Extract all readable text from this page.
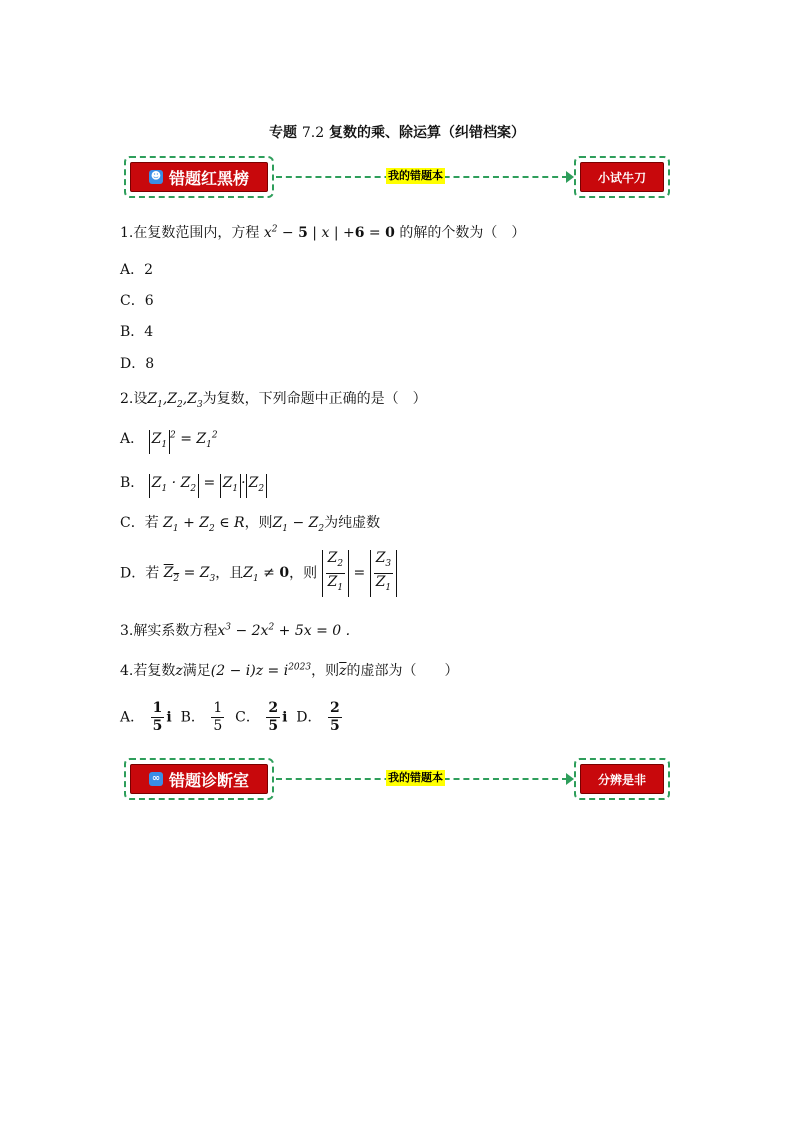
专题 7.2 复数的乘、除运算（纠错档案）
☻ 错题红黑榜	我的错题本	小试牛刀
1.在复数范围内，方程 $x^2 - 5$ | x | +6 = 0 的解的个数为（　）
A．2
C．6
B．4
D．8
2.设$Z_1,Z_2,Z_3$为复数，下列命题中正确的是（　）
A． $Z_1^2 = Z_1^2$
B． $Z_1 \cdot Z_2 = Z_1 \cdot Z_2$
C．若 $Z_1 + Z_2$ ∈ R，则$Z_1 - Z_2$为纯虚数
D．若 $Z_2 = Z_3$，且$Z_1 \ne 0$，则 $\frac{Z_2}{Z_1} = \frac{Z_3}{Z_1}$
3.解实系数方程$x^3 - 2x^2 + 5x = 0$ .
4.若复数z满足$(2 - i)z = i^{2023}$，则$\overline{z}$的虚部为（　　）
A． $\frac{1}{5}$ i B． $\frac{1}{5}$ C． $\frac{2}{5}$ i D． $\frac{2}{5}$
∞ 错题诊断室	我的错题本	分辨是非
